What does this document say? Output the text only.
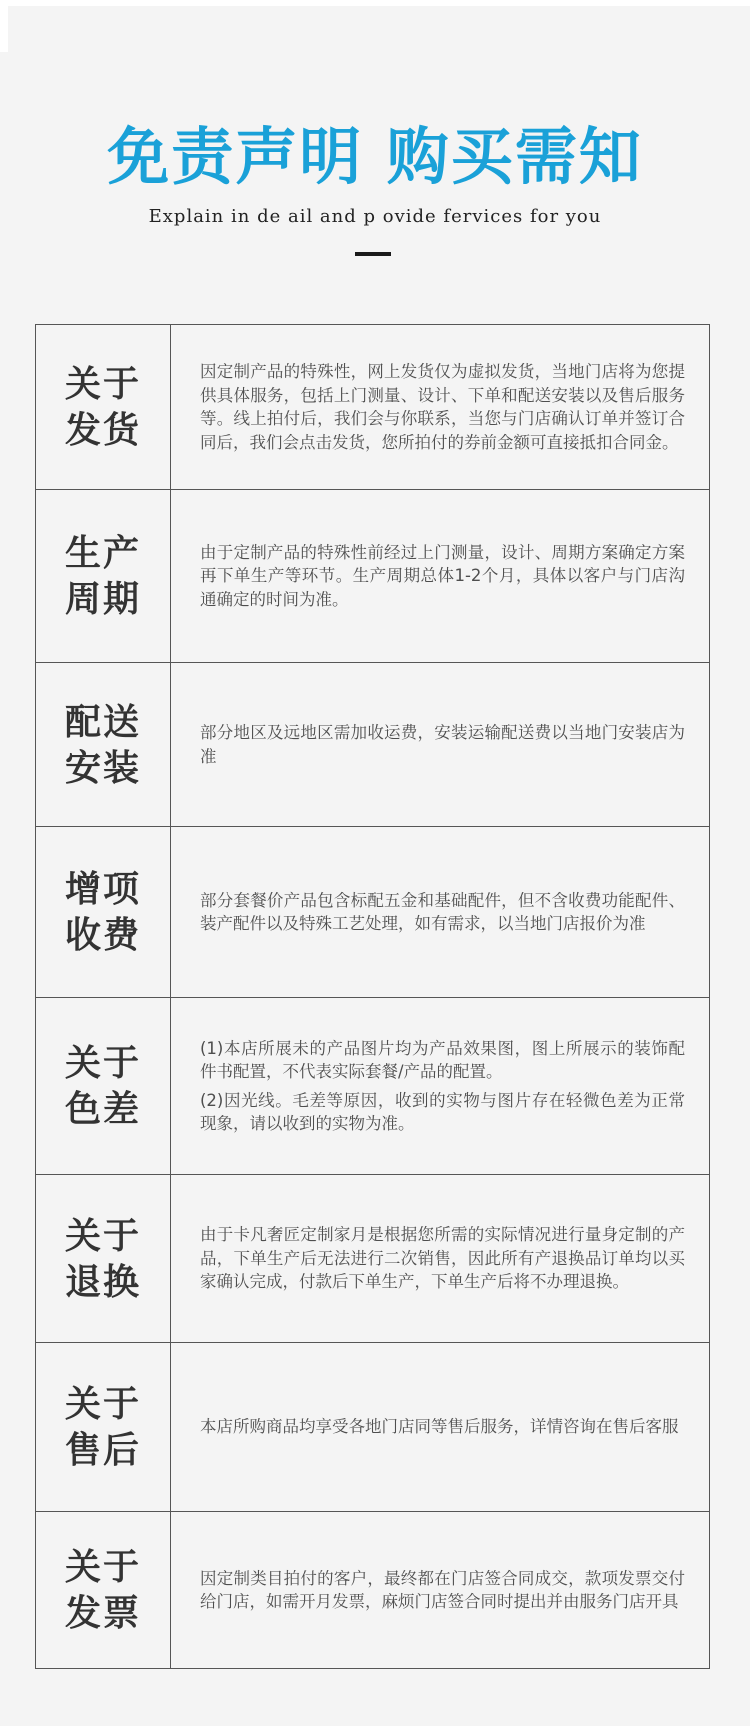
免责声明 购买需知
Explain in de ail and p ovide fervices for you
关于发货

因定制产品的特殊性，网上发货仅为虚拟发货，当地门店将为您提供具体服务，包括上门测量、设计、下单和配送安装以及售后服务等。线上拍付后，我们会与你联系，当您与门店确认订单并签订合同后，我们会点击发货，您所拍付的券前金额可直接抵扣合同金。

生产周期

由于定制产品的特殊性前经过上门测量，设计、周期方案确定方案再下单生产等环节。生产周期总体1-2个月，具体以客户与门店沟通确定的时间为准。

配送安装

部分地区及远地区需加收运费，安装运输配送费以当地门安装店为准

增项收费

部分套餐价产品包含标配五金和基础配件，但不含收费功能配件、装产配件以及特殊工艺处理，如有需求，以当地门店报价为准

关于色差

(1)本店所展未的产品图片均为产品效果图，图上所展示的装饰配件书配置，不代表实际套餐/产品的配置。

(2)因光线。毛差等原因，收到的实物与图片存在轻微色差为正常现象，请以收到的实物为准。

关于退换

由于卡凡奢匠定制家月是根据您所需的实际情况进行量身定制的产品，下单生产后无法进行二次销售，因此所有产退换品订单均以买家确认完成，付款后下单生产，下单生产后将不办理退换。

关于售后

本店所购商品均享受各地门店同等售后服务，详情咨询在售后客服

关于发票

因定制类目拍付的客户，最终都在门店签合同成交，款项发票交付给门店，如需开月发票，麻烦门店签合同时提出并由服务门店开具
